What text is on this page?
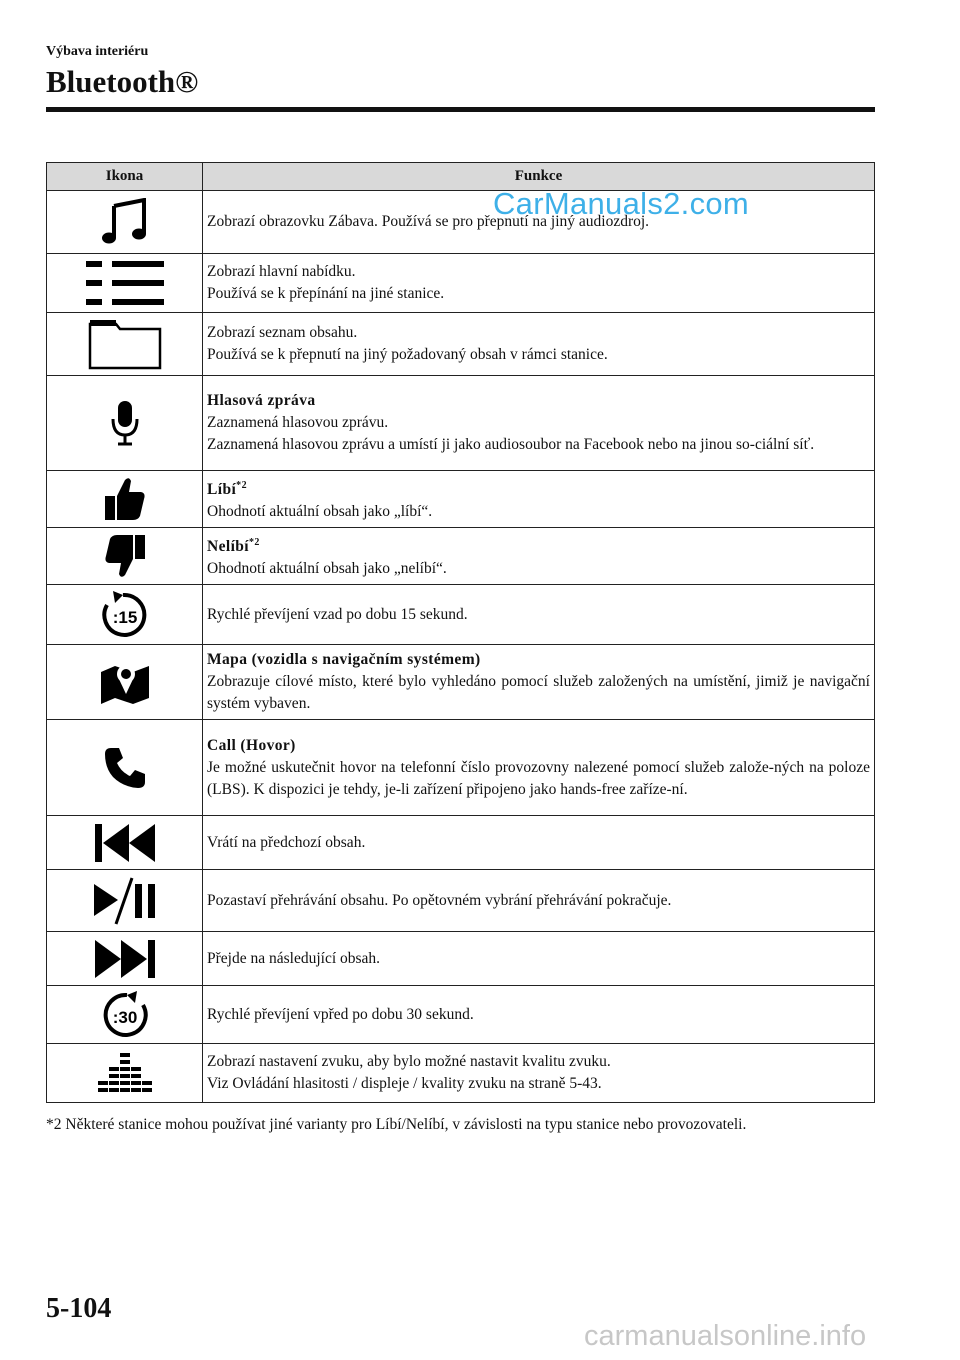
Výbava interiéru
Bluetooth®
Ikona	Funkce

Zobrazí obrazovku Zábava. Používá se pro přepnutí na jiný audiozdroj.

Zobrazí hlavní nabídku.
Používá se k přepínání na jiné stanice.

Zobrazí seznam obsahu.
Používá se k přepnutí na jiný požadovaný obsah v rámci stanice.

Hlasová zpráva
Zaznamená hlasovou zprávu.
Zaznamená hlasovou zprávu a umístí ji jako audiosoubor na Facebook nebo na jinou so-ciální síť.

Líbí$^{*2}$
Ohodnotí aktuální obsah jako „líbí“.

Nelíbí$^{*2}$
Ohodnotí aktuální obsah jako „nelíbí“.

:15	Rychlé převíjení vzad po dobu 15 sekund.

Mapa (vozidla s navigačním systémem)
Zobrazuje cílové místo, které bylo vyhledáno pomocí služeb založených na umístění, jimiž je navigační systém vybaven.

Call (Hovor)
Je možné uskutečnit hovor na telefonní číslo provozovny nalezené pomocí služeb založe-ných na poloze (LBS). K dispozici je tehdy, je-li zařízení připojeno jako hands-free zaříze-ní.

Vrátí na předchozí obsah.

Pozastaví přehrávání obsahu. Po opětovném vybrání přehrávání pokračuje.

Přejde na následující obsah.

:30	Rychlé převíjení vpřed po dobu 30 sekund.

Zobrazí nastavení zvuku, aby bylo možné nastavit kvalitu zvuku.
Viz Ovládání hlasitosti / displeje / kvality zvuku na straně 5-43.
CarManuals2.com
*2 Některé stanice mohou používat jiné varianty pro Líbí/Nelíbí, v závislosti na typu stanice nebo provozovateli.
5-104
carmanualsonline.info
